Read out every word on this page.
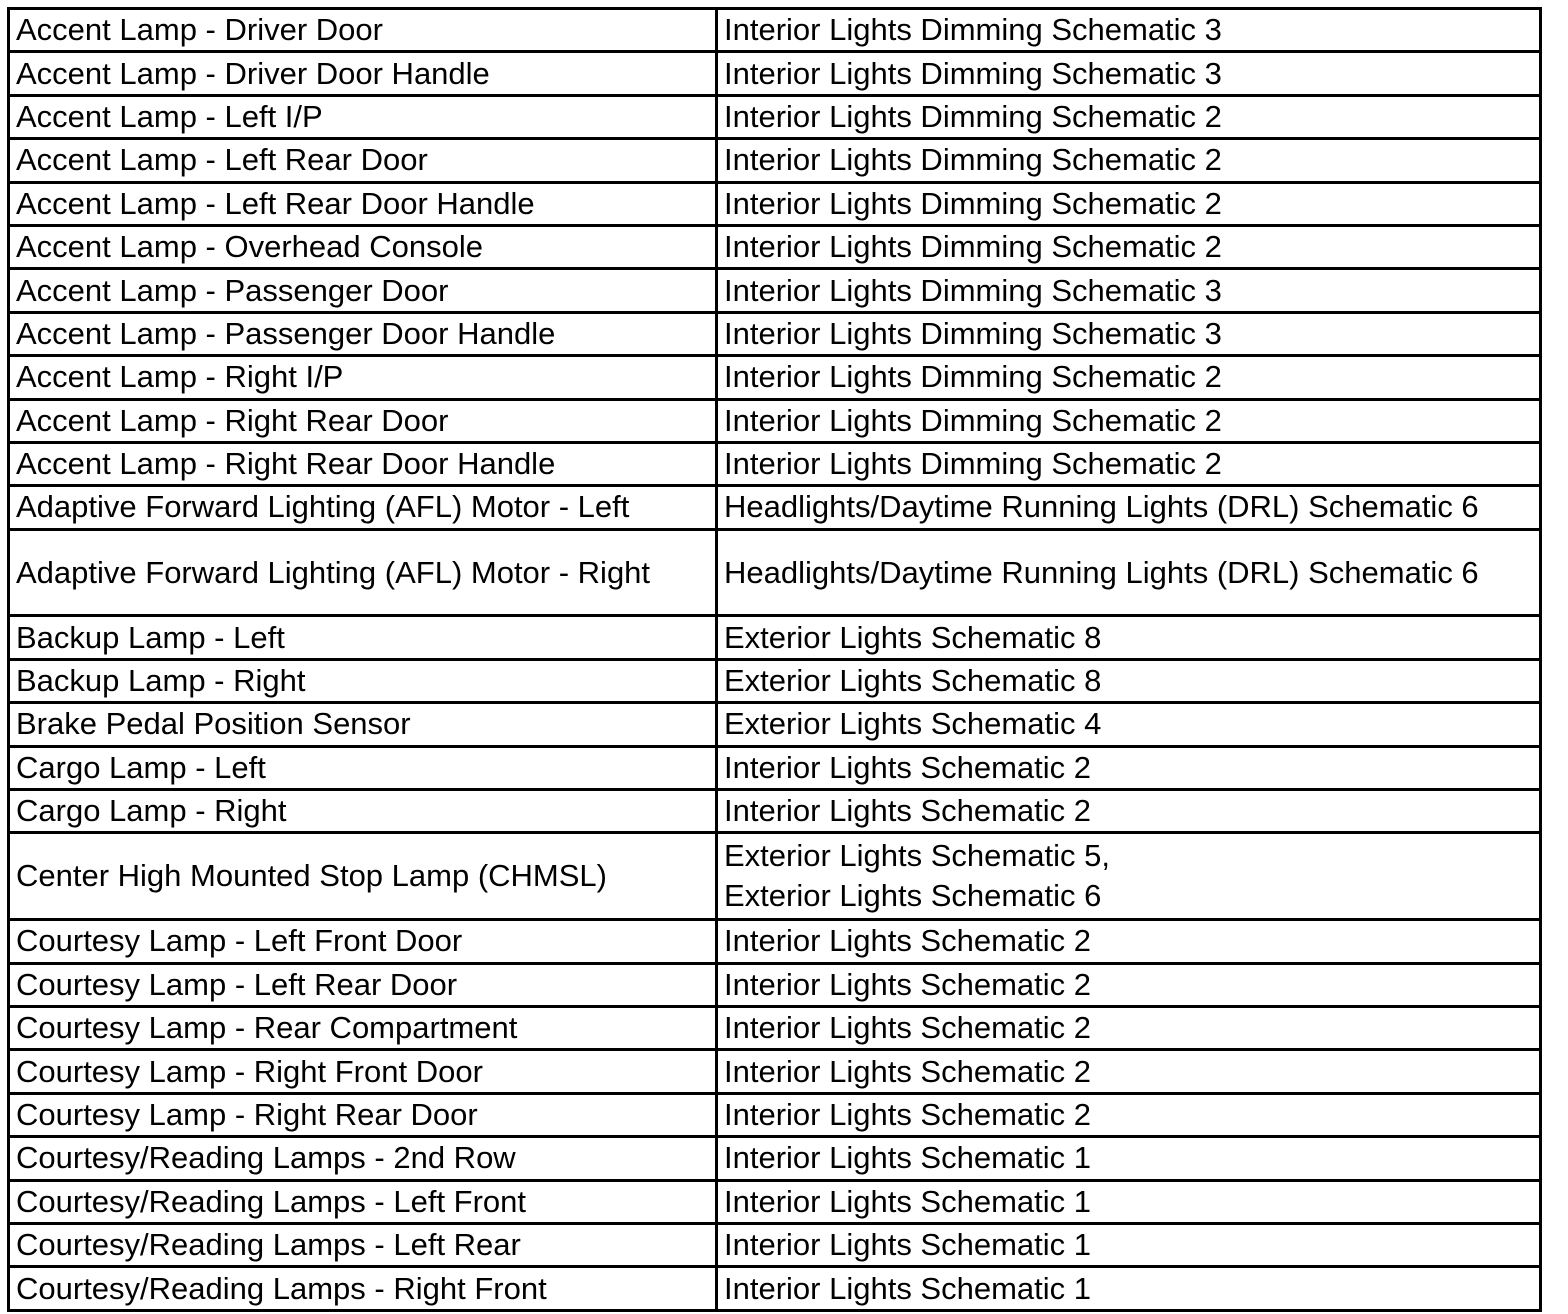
Accent Lamp - Driver Door	Interior Lights Dimming Schematic 3

Accent Lamp - Driver Door Handle	Interior Lights Dimming Schematic 3

Accent Lamp - Left I/P	Interior Lights Dimming Schematic 2

Accent Lamp - Left Rear Door	Interior Lights Dimming Schematic 2

Accent Lamp - Left Rear Door Handle	Interior Lights Dimming Schematic 2

Accent Lamp - Overhead Console	Interior Lights Dimming Schematic 2

Accent Lamp - Passenger Door	Interior Lights Dimming Schematic 3

Accent Lamp - Passenger Door Handle	Interior Lights Dimming Schematic 3

Accent Lamp - Right I/P	Interior Lights Dimming Schematic 2

Accent Lamp - Right Rear Door	Interior Lights Dimming Schematic 2

Accent Lamp - Right Rear Door Handle	Interior Lights Dimming Schematic 2

Adaptive Forward Lighting (AFL) Motor - Left	Headlights/Daytime Running Lights (DRL) Schematic 6

Adaptive Forward Lighting (AFL) Motor - Right	Headlights/Daytime Running Lights (DRL) Schematic 6

Backup Lamp - Left	Exterior Lights Schematic 8

Backup Lamp - Right	Exterior Lights Schematic 8

Brake Pedal Position Sensor	Exterior Lights Schematic 4

Cargo Lamp - Left	Interior Lights Schematic 2

Cargo Lamp - Right	Interior Lights Schematic 2

Center High Mounted Stop Lamp (CHMSL)	Exterior Lights Schematic 5,
Exterior Lights Schematic 6

Courtesy Lamp - Left Front Door	Interior Lights Schematic 2

Courtesy Lamp - Left Rear Door	Interior Lights Schematic 2

Courtesy Lamp - Rear Compartment	Interior Lights Schematic 2

Courtesy Lamp - Right Front Door	Interior Lights Schematic 2

Courtesy Lamp - Right Rear Door	Interior Lights Schematic 2

Courtesy/Reading Lamps - 2nd Row	Interior Lights Schematic 1

Courtesy/Reading Lamps - Left Front	Interior Lights Schematic 1

Courtesy/Reading Lamps - Left Rear	Interior Lights Schematic 1

Courtesy/Reading Lamps - Right Front	Interior Lights Schematic 1
